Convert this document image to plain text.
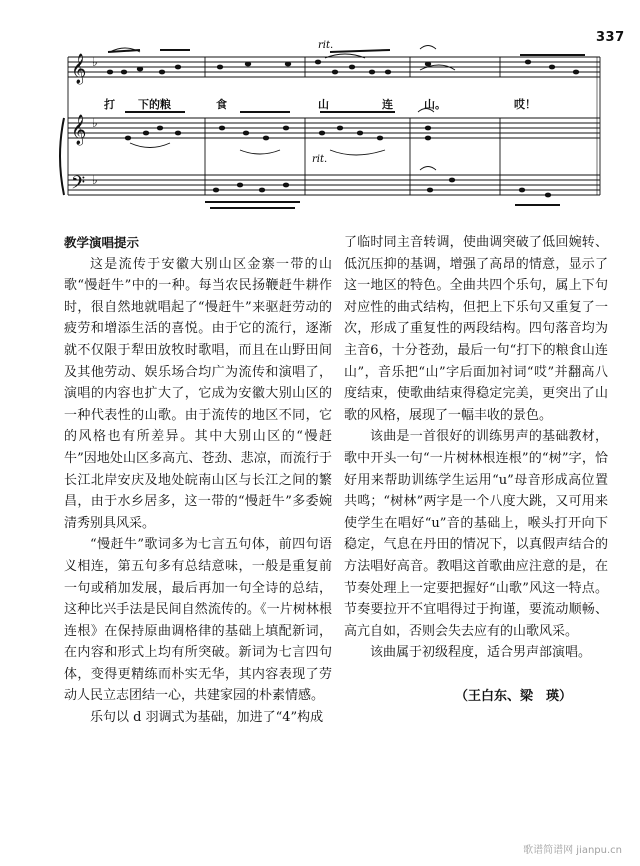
337
𝄞
𝄞
𝄢
♭
♭
♭
rit.
rit.
打 下的粮	食	山	连	山。	哎！

教学演唱提示

这是流传于安徽大别山区金寨一带的山歌“慢赶牛”中的一种。每当农民扬鞭赶牛耕作时，很自然地就唱起了“慢赶牛”来驱赶劳动的疲劳和增添生活的喜悦。由于它的流行，逐渐就不仅限于犁田放牧时歌唱，而且在山野田间及其他劳动、娱乐场合均广为流传和演唱了，演唱的内容也扩大了，它成为安徽大别山区的一种代表性的山歌。由于流传的地区不同，它的风格也有所差异。其中大别山区的“慢赶牛”因地处山区多高亢、苍劲、悲凉，而流行于长江北岸安庆及地处皖南山区与长江之间的繁昌，由于水乡居多，这一带的“慢赶牛”多委婉清秀别具风采。

“慢赶牛”歌词多为七言五句体，前四句语义相连，第五句多有总结意味，一般是重复前一句或稍加发展，最后再加一句全诗的总结，这种比兴手法是民间自然流传的。《一片树林根连根》在保持原曲调格律的基础上填配新词，在内容和形式上均有所突破。新词为七言四句体，变得更精练而朴实无华，其内容表现了劳动人民立志团结一心，共建家园的朴素情感。

乐句以 d 羽调式为基础，加进了“4”构成

了临时同主音转调，使曲调突破了低回婉转、低沉压抑的基调，增强了高昂的情意，显示了这一地区的特色。全曲共四个乐句，属上下句对应性的曲式结构，但把上下乐句又重复了一次，形成了重复性的两段结构。四句落音均为主音6，十分苍劲，最后一句“打下的粮食山连山”，音乐把“山”字后面加衬词“哎”并翻高八度结束，使歌曲结束得稳定完美，更突出了山歌的风格，展现了一幅丰收的景色。

该曲是一首很好的训练男声的基础教材，歌中开头一句“一片树林根连根”的“树”字，恰好用来帮助训练学生运用“u”母音形成高位置共鸣；“树林”两字是一个八度大跳，又可用来使学生在唱好“u”音的基础上，喉头打开向下稳定，气息在丹田的情况下，以真假声结合的方法唱好高音。教唱这首歌曲应注意的是，在节奏处理上一定要把握好“山歌”风这一特点。节奏要拉开不宜唱得过于拘谨，要流动顺畅、高亢自如，否则会失去应有的山歌风采。

该曲属于初级程度，适合男声部演唱。

（王白东、梁　瑛）

歌谱简谱网 jianpu.cn
